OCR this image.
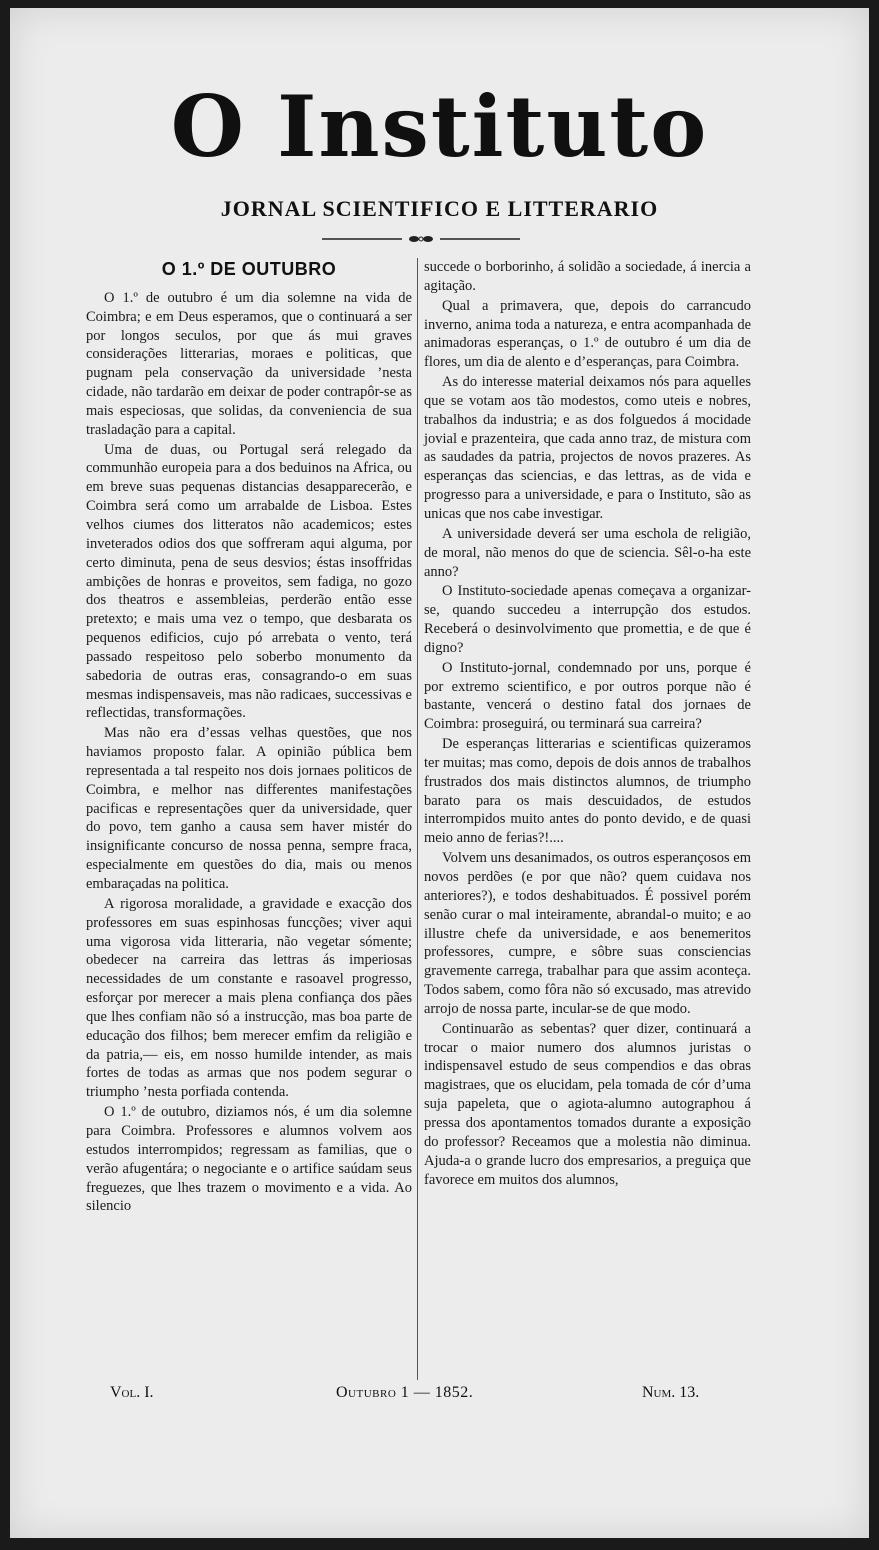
O Instituto
JORNAL SCIENTIFICO E LITTERARIO
O 1.º DE OUTUBRO

O 1.º de outubro é um dia solemne na vida de Coimbra; e em Deus esperamos, que o continuará a ser por longos seculos, por que ás mui graves considerações litterarias, moraes e politicas, que pugnam pela conservação da universidade ’nesta cidade, não tardarão em deixar de poder contrapôr-se as mais especiosas, que solidas, da conveniencia de sua trasladação para a capital.

Uma de duas, ou Portugal será relegado da communhão europeia para a dos beduinos na Africa, ou em breve suas pequenas distancias desapparecerão, e Coimbra será como um arrabalde de Lisboa. Estes velhos ciumes dos litteratos não academicos; estes inveterados odios dos que soffreram aqui alguma, por certo diminuta, pena de seus desvios; éstas insoffridas ambições de honras e proveitos, sem fadiga, no gozo dos theatros e assembleias, perderão então esse pretexto; e mais uma vez o tempo, que desbarata os pequenos edificios, cujo pó arrebata o vento, terá passado respeitoso pelo soberbo monumento da sabedoria de outras eras, consagrando-o em suas mesmas indispensaveis, mas não radicaes, successivas e reflectidas, transformações.

Mas não era d’essas velhas questões, que nos haviamos proposto falar. A opinião pública bem representada a tal respeito nos dois jornaes politicos de Coimbra, e melhor nas differentes manifestações pacificas e representações quer da universidade, quer do povo, tem ganho a causa sem haver mistér do insignificante concurso de nossa penna, sempre fraca, especialmente em questões do dia, mais ou menos embaraçadas na politica.

A rigorosa moralidade, a gravidade e exacção dos professores em suas espinhosas funcções; viver aqui uma vigorosa vida litteraria, não vegetar sómente; obedecer na carreira das lettras ás imperiosas necessidades de um constante e rasoavel progresso, esforçar por merecer a mais plena confiança dos pães que lhes confiam não só a instrucção, mas boa parte de educação dos filhos; bem merecer emfim da religião e da patria,— eis, em nosso humilde intender, as mais fortes de todas as armas que nos podem segurar o triumpho ’nesta porfiada contenda.

O 1.º de outubro, diziamos nós, é um dia solemne para Coimbra. Professores e alumnos volvem aos estudos interrompidos; regressam as familias, que o verão afugentára; o negociante e o artifice saúdam seus freguezes, que lhes trazem o movimento e a vida. Ao silencio

succede o borborinho, á solidão a sociedade, á inercia a agitação.

Qual a primavera, que, depois do carrancudo inverno, anima toda a natureza, e entra acompanhada de animadoras esperanças, o 1.º de outubro é um dia de flores, um dia de alento e d’esperanças, para Coimbra.

As do interesse material deixamos nós para aquelles que se votam aos tão modestos, como uteis e nobres, trabalhos da industria; e as dos folguedos á mocidade jovial e prazenteira, que cada anno traz, de mistura com as saudades da patria, projectos de novos prazeres. As esperanças das sciencias, e das lettras, as de vida e progresso para a universidade, e para o Instituto, são as unicas que nos cabe investigar.

A universidade deverá ser uma eschola de religião, de moral, não menos do que de sciencia. Sêl-o-ha este anno?

O Instituto-sociedade apenas começava a organizar-se, quando succedeu a interrupção dos estudos. Receberá o desinvolvimento que promettia, e de que é digno?

O Instituto-jornal, condemnado por uns, porque é por extremo scientifico, e por outros porque não é bastante, vencerá o destino fatal dos jornaes de Coimbra: proseguirá, ou terminará sua carreira?

De esperanças litterarias e scientificas quizeramos ter muitas; mas como, depois de dois annos de trabalhos frustrados dos mais distinctos alumnos, de triumpho barato para os mais descuidados, de estudos interrompidos muito antes do ponto devido, e de quasi meio anno de ferias?!....

Volvem uns desanimados, os outros esperançosos em novos perdões (e por que não? quem cuidava nos anteriores?), e todos deshabituados. É possivel porém senão curar o mal inteiramente, abrandal-o muito; e ao illustre chefe da universidade, e aos benemeritos professores, cumpre, e sôbre suas consciencias gravemente carrega, trabalhar para que assim aconteça. Todos sabem, como fôra não só excusado, mas atrevido arrojo de nossa parte, incular-se de que modo.

Continuarão as sebentas? quer dizer, continuará a trocar o maior numero dos alumnos juristas o indispensavel estudo de seus compendios e das obras magistraes, que os elucidam, pela tomada de cór d’uma suja papeleta, que o agiota-alumno autographou á pressa dos apontamentos tomados durante a exposição do professor? Receamos que a molestia não diminua. Ajuda-a o grande lucro dos empresarios, a preguiça que favorece em muitos dos alumnos,

Vol. I.	Outubro 1 — 1852.	Num. 13.
